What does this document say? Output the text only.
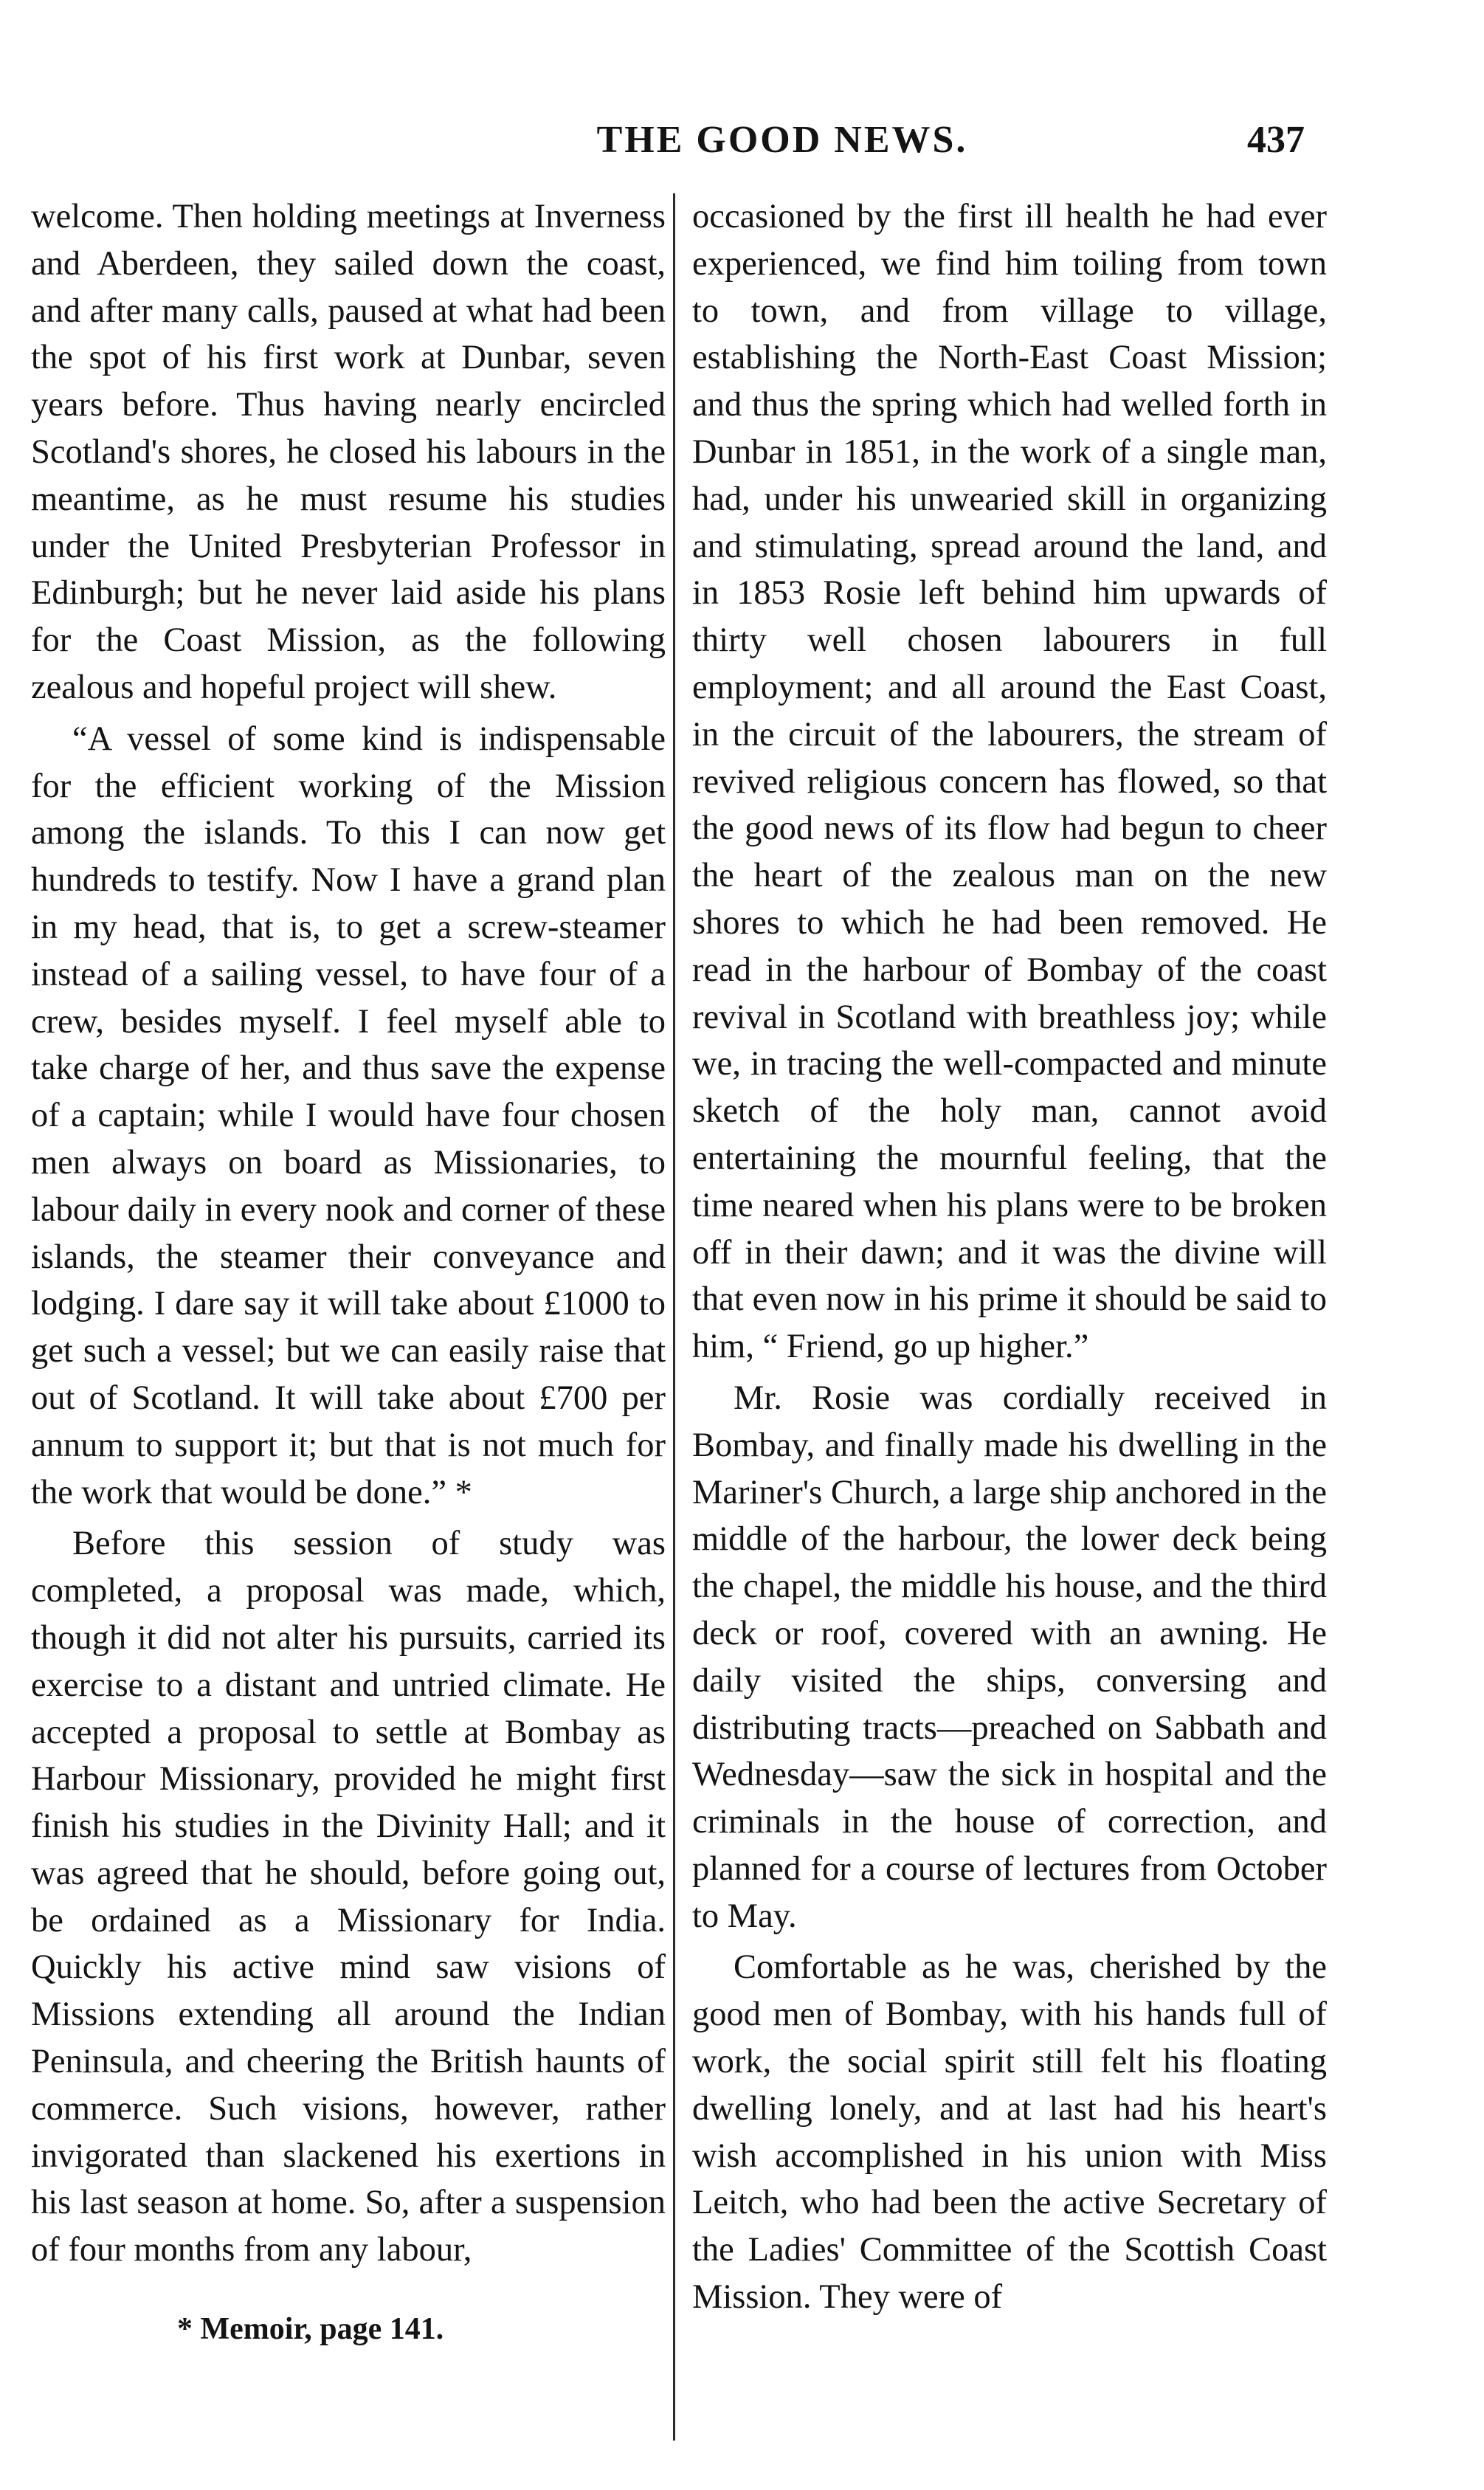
THE GOOD NEWS.	437

welcome. Then holding meetings at Inverness and Aberdeen, they sailed down the coast, and after many calls, paused at what had been the spot of his first work at Dunbar, seven years before. Thus having nearly encircled Scotland's shores, he closed his labours in the meantime, as he must resume his studies under the United Presbyterian Professor in Edinburgh; but he never laid aside his plans for the Coast Mission, as the following zealous and hopeful project will shew.

“A vessel of some kind is indispensable for the efficient working of the Mission among the islands. To this I can now get hundreds to testify. Now I have a grand plan in my head, that is, to get a screw-steamer instead of a sailing vessel, to have four of a crew, besides myself. I feel myself able to take charge of her, and thus save the expense of a captain; while I would have four chosen men always on board as Missionaries, to labour daily in every nook and corner of these islands, the steamer their conveyance and lodging. I dare say it will take about £1000 to get such a vessel; but we can easily raise that out of Scotland. It will take about £700 per annum to support it; but that is not much for the work that would be done.” *

Before this session of study was completed, a proposal was made, which, though it did not alter his pursuits, carried its exercise to a distant and untried climate. He accepted a proposal to settle at Bombay as Harbour Missionary, provided he might first finish his studies in the Divinity Hall; and it was agreed that he should, before going out, be ordained as a Missionary for India. Quickly his active mind saw visions of Missions extending all around the Indian Peninsula, and cheering the British haunts of commerce. Such visions, however, rather invigorated than slackened his exertions in his last season at home. So, after a suspension of four months from any labour,

occasioned by the first ill health he had ever experienced, we find him toiling from town to town, and from village to village, establishing the North-East Coast Mission; and thus the spring which had welled forth in Dunbar in 1851, in the work of a single man, had, under his unwearied skill in organizing and stimulating, spread around the land, and in 1853 Rosie left behind him upwards of thirty well chosen labourers in full employment; and all around the East Coast, in the circuit of the labourers, the stream of revived religious concern has flowed, so that the good news of its flow had begun to cheer the heart of the zealous man on the new shores to which he had been removed. He read in the harbour of Bombay of the coast revival in Scotland with breathless joy; while we, in tracing the well-compacted and minute sketch of the holy man, cannot avoid entertaining the mournful feeling, that the time neared when his plans were to be broken off in their dawn; and it was the divine will that even now in his prime it should be said to him, “ Friend, go up higher.”

Mr. Rosie was cordially received in Bombay, and finally made his dwelling in the Mariner's Church, a large ship anchored in the middle of the harbour, the lower deck being the chapel, the middle his house, and the third deck or roof, covered with an awning. He daily visited the ships, conversing and distributing tracts—preached on Sabbath and Wednesday—saw the sick in hospital and the criminals in the house of correction, and planned for a course of lectures from October to May.

Comfortable as he was, cherished by the good men of Bombay, with his hands full of work, the social spirit still felt his floating dwelling lonely, and at last had his heart's wish accomplished in his union with Miss Leitch, who had been the active Secretary of the Ladies' Committee of the Scottish Coast Mission. They were of

* Memoir, page 141.
